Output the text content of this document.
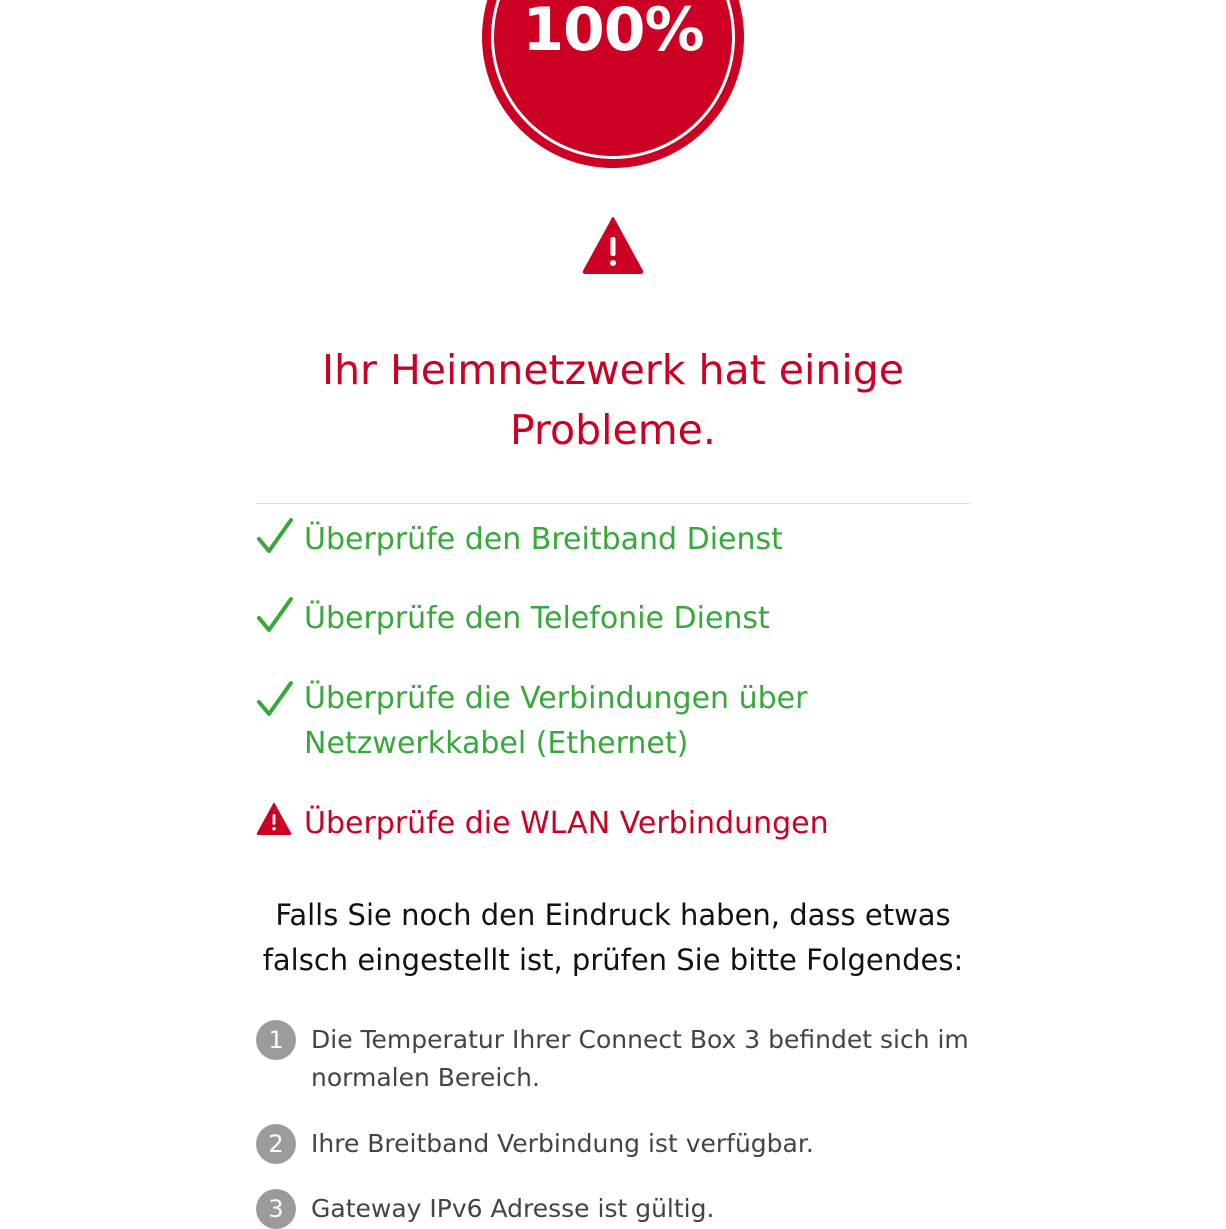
100%
Ihr Heimnetzwerk hat einige Probleme.
Überprüfe den Breitband Dienst
Überprüfe den Telefonie Dienst
Überprüfe die Verbindungen über Netzwerkkabel (Ethernet)
Überprüfe die WLAN Verbindungen

Falls Sie noch den Eindruck haben, dass etwas falsch eingestellt ist, prüfen Sie bitte Folgendes:

1	Die Temperatur Ihrer Connect Box 3 befindet sich im normalen Bereich.
2	Ihre Breitband Verbindung ist verfügbar.
3	Gateway IPv6 Adresse ist gültig.
